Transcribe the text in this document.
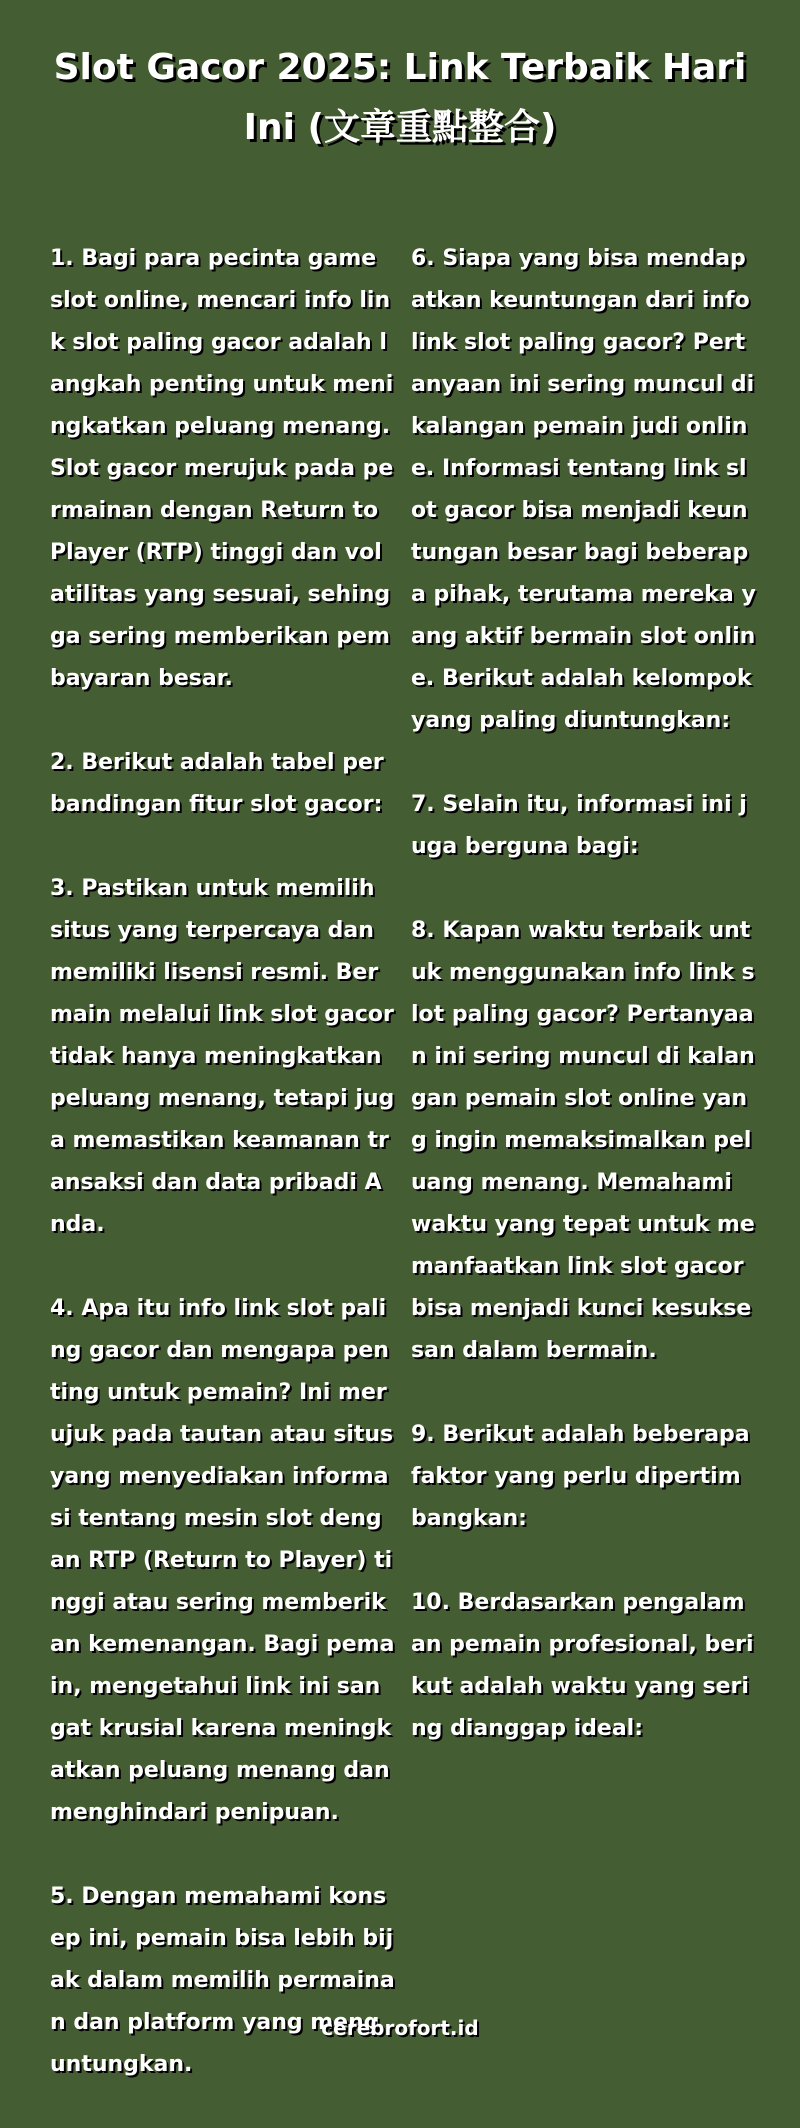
Slot Gacor 2025: Link Terbaik Hari Ini (文章重點整合)

1. Bagi para pecinta game slot online, mencari info link slot paling gacor adalah langkah penting untuk meningkatkan peluang menang. Slot gacor merujuk pada permainan dengan Return to Player (RTP) tinggi dan volatilitas yang sesuai, sehingga sering memberikan pembayaran besar.

2. Berikut adalah tabel perbandingan fitur slot gacor:

3. Pastikan untuk memilih situs yang terpercaya dan memiliki lisensi resmi. Bermain melalui link slot gacor tidak hanya meningkatkan peluang menang, tetapi juga memastikan keamanan transaksi dan data pribadi Anda.

4. Apa itu info link slot paling gacor dan mengapa penting untuk pemain? Ini merujuk pada tautan atau situs yang menyediakan informasi tentang mesin slot dengan RTP (Return to Player) tinggi atau sering memberikan kemenangan. Bagi pemain, mengetahui link ini sangat krusial karena meningkatkan peluang menang dan menghindari penipuan.

5. Dengan memahami konsep ini, pemain bisa lebih bijak dalam memilih permainan dan platform yang menguntungkan.

6. Siapa yang bisa mendapatkan keuntungan dari info link slot paling gacor? Pertanyaan ini sering muncul di kalangan pemain judi online. Informasi tentang link slot gacor bisa menjadi keuntungan besar bagi beberapa pihak, terutama mereka yang aktif bermain slot online. Berikut adalah kelompok yang paling diuntungkan:

7. Selain itu, informasi ini juga berguna bagi:

8. Kapan waktu terbaik untuk menggunakan info link slot paling gacor? Pertanyaan ini sering muncul di kalangan pemain slot online yang ingin memaksimalkan peluang menang. Memahami waktu yang tepat untuk memanfaatkan link slot gacor bisa menjadi kunci kesuksesan dalam bermain.

9. Berikut adalah beberapa faktor yang perlu dipertimbangkan:

10. Berdasarkan pengalaman pemain profesional, berikut adalah waktu yang sering dianggap ideal:

cerebrofort.id
